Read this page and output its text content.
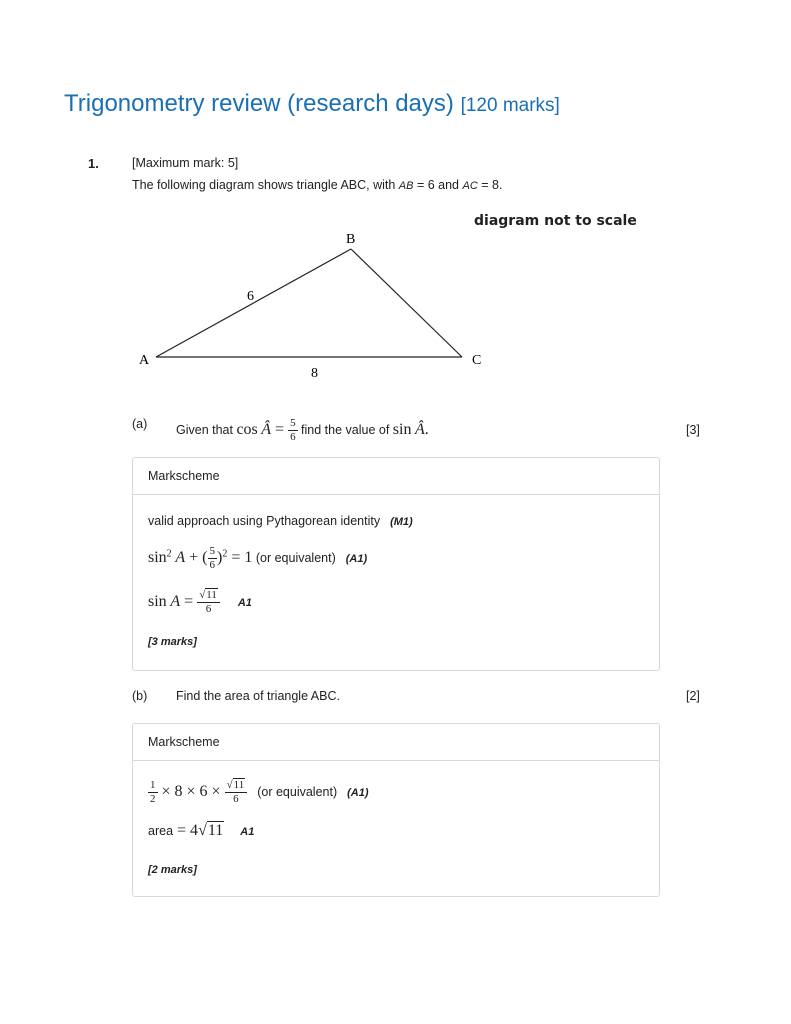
Trigonometry review (research days) [120 marks]
1.	[Maximum mark: 5]
The following diagram shows triangle ABC, with AB = 6 and AC = 8.
diagram not to scale
A
B
C
6
8
(a) Given that cos Â = $\frac{5}{6}$ find the value of sin Â.	[3]
Markscheme
valid approach using Pythagorean identity (M1)
$\sin^2 A$ + ( $\frac{5}{6} )^2 = 1$ (or equivalent) (A1)
$\sin A = \frac{√11}{6} A1$
[3 marks]
(b) Find the area of triangle ABC.	[2]
Markscheme
$\frac{1}{2} \times 8 \times 6 \times \frac{√11}{6} (or$ equivalent) (A1)
area = 4√11 A1
[2 marks]
